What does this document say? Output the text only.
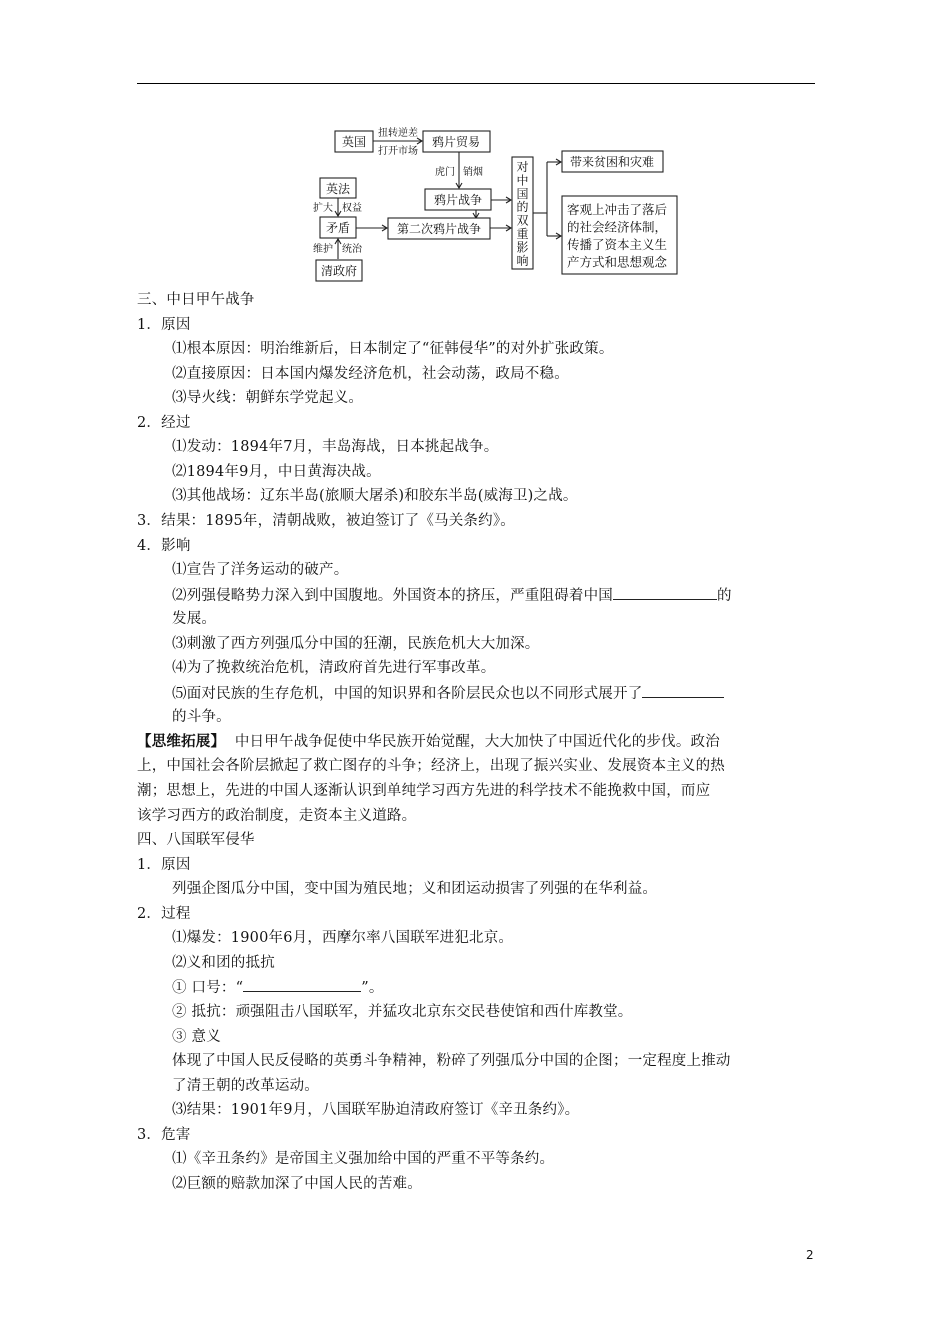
英国
扭转逆差
打开市场
鸦片贸易
虎门 销烟
鸦片战争
英法
扩大 权益
矛盾
维护 统治
清政府
第二次鸦片战争
对
中
国
的
双
重
影
响
带来贫困和灾难
客观上冲击了落后
的社会经济体制，
传播了资本主义生
产方式和思想观念
三、中日甲午战争
1．原因
⑴根本原因：明治维新后，日本制定了“征韩侵华”的对外扩张政策。
⑵直接原因：日本国内爆发经济危机，社会动荡，政局不稳。
⑶导火线：朝鲜东学党起义。
2．经过
⑴发动：1894年7月，丰岛海战，日本挑起战争。
⑵1894年9月，中日黄海决战。
⑶其他战场：辽东半岛(旅顺大屠杀)和胶东半岛(威海卫)之战。
3．结果：1895年，清朝战败，被迫签订了《马关条约》。
4．影响
⑴宣告了洋务运动的破产。
⑵列强侵略势力深入到中国腹地。外国资本的挤压，严重阻碍着中国	的
发展。
⑶刺激了西方列强瓜分中国的狂潮，民族危机大大加深。
⑷为了挽救统治危机，清政府首先进行军事改革。
⑸面对民族的生存危机，中国的知识界和各阶层民众也以不同形式展开了
的斗争。
【思维拓展】 中日甲午战争促使中华民族开始觉醒，大大加快了中国近代化的步伐。政治
上，中国社会各阶层掀起了救亡图存的斗争；经济上，出现了振兴实业、发展资本主义的热
潮；思想上，先进的中国人逐渐认识到单纯学习西方先进的科学技术不能挽救中国，而应
该学习西方的政治制度，走资本主义道路。
四、八国联军侵华
1．原因
列强企图瓜分中国，变中国为殖民地；义和团运动损害了列强的在华利益。
2．过程
⑴爆发：1900年6月，西摩尔率八国联军进犯北京。
⑵义和团的抵抗
① 口号：“	”。
② 抵抗：顽强阻击八国联军，并猛攻北京东交民巷使馆和西什库教堂。
③ 意义
体现了中国人民反侵略的英勇斗争精神，粉碎了列强瓜分中国的企图；一定程度上推动
了清王朝的改革运动。
⑶结果：1901年9月，八国联军胁迫清政府签订《辛丑条约》。
3．危害
⑴《辛丑条约》是帝国主义强加给中国的严重不平等条约。
⑵巨额的赔款加深了中国人民的苦难。
2
